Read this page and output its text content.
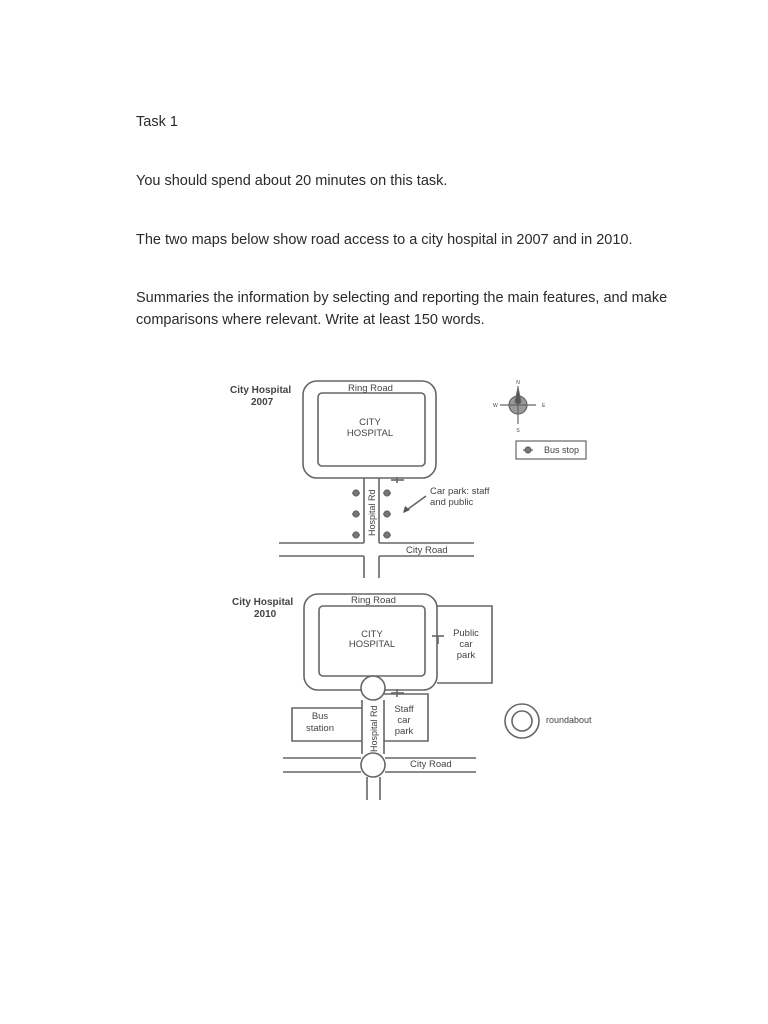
Task 1
You should spend about 20 minutes on this task.
The two maps below show road access to a city hospital in 2007 and in 2010.
Summaries the information by selecting and reporting the main features, and make comparisons where relevant. Write at least 150 words.
City Hospital
2007
Ring Road
CITY
HOSPITAL
Hospital Rd	Car park: staff
and public
City Road
N
S
E
W
Bus stop
City Hospital
2010
Ring Road
CITY
HOSPITAL
Public
car
park
Bus
station
Staff
car
park
Hospital Rd
City Road
roundabout
